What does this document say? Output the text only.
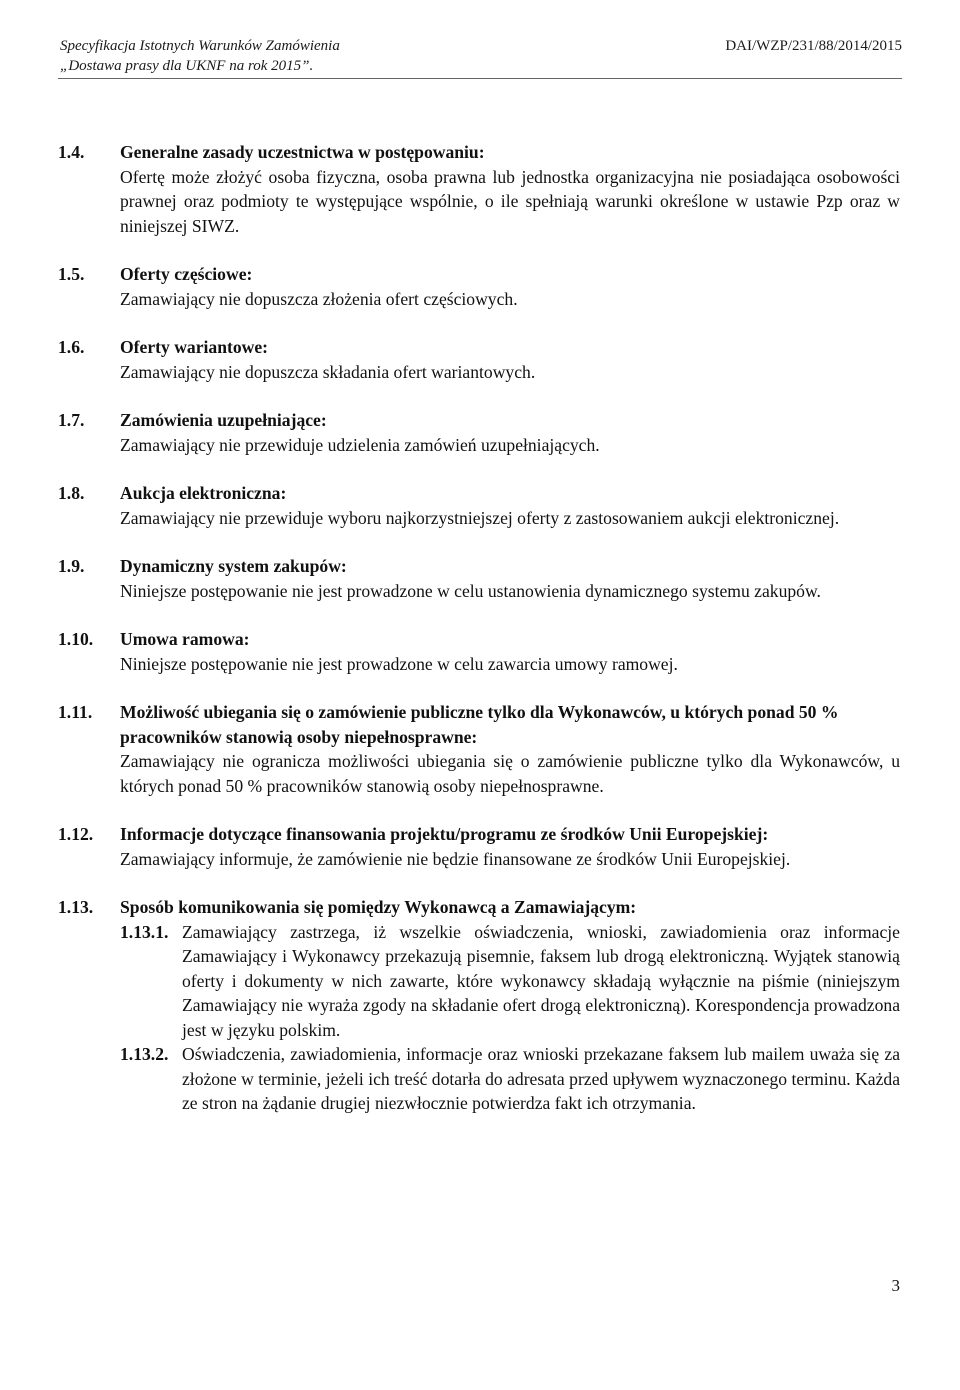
Specyfikacja Istotnych Warunków Zamówienia
„Dostawa prasy dla UKNF na rok 2015”.
DAI/WZP/231/88/2014/2015
1.4. Generalne zasady uczestnictwa w postępowaniu:
Ofertę może złożyć osoba fizyczna, osoba prawna lub jednostka organizacyjna nie posiadająca osobowości prawnej oraz podmioty te występujące wspólnie, o ile spełniają warunki określone w ustawie Pzp oraz w niniejszej SIWZ.
1.5. Oferty częściowe:
Zamawiający nie dopuszcza złożenia ofert częściowych.
1.6. Oferty wariantowe:
Zamawiający nie dopuszcza składania ofert wariantowych.
1.7. Zamówienia uzupełniające:
Zamawiający nie przewiduje udzielenia zamówień uzupełniających.
1.8. Aukcja elektroniczna:
Zamawiający nie przewiduje wyboru najkorzystniejszej oferty z zastosowaniem aukcji elektronicznej.
1.9. Dynamiczny system zakupów:
Niniejsze postępowanie nie jest prowadzone w celu ustanowienia dynamicznego systemu zakupów.
1.10. Umowa ramowa:
Niniejsze postępowanie nie jest prowadzone w celu zawarcia umowy ramowej.
1.11. Możliwość ubiegania się o zamówienie publiczne tylko dla Wykonawców, u których ponad 50 % pracowników stanowią osoby niepełnosprawne:
Zamawiający nie ogranicza możliwości ubiegania się o zamówienie publiczne tylko dla Wykonawców, u których ponad 50 % pracowników stanowią osoby niepełnosprawne.
1.12. Informacje dotyczące finansowania projektu/programu ze środków Unii Europejskiej:
Zamawiający informuje, że zamówienie nie będzie finansowane ze środków Unii Europejskiej.
1.13. Sposób komunikowania się pomiędzy Wykonawcą a Zamawiającym:
1.13.1. Zamawiający zastrzega, iż wszelkie oświadczenia, wnioski, zawiadomienia oraz informacje Zamawiający i Wykonawcy przekazują pisemnie, faksem lub drogą elektroniczną. Wyjątek stanowią oferty i dokumenty w nich zawarte, które wykonawcy składają wyłącznie na piśmie (niniejszym Zamawiający nie wyraża zgody na składanie ofert drogą elektroniczną). Korespondencja prowadzona jest w języku polskim.
1.13.2. Oświadczenia, zawiadomienia, informacje oraz wnioski przekazane faksem lub mailem uważa się za złożone w terminie, jeżeli ich treść dotarła do adresata przed upływem wyznaczonego terminu. Każda ze stron na żądanie drugiej niezwłocznie potwierdza fakt ich otrzymania.
3
